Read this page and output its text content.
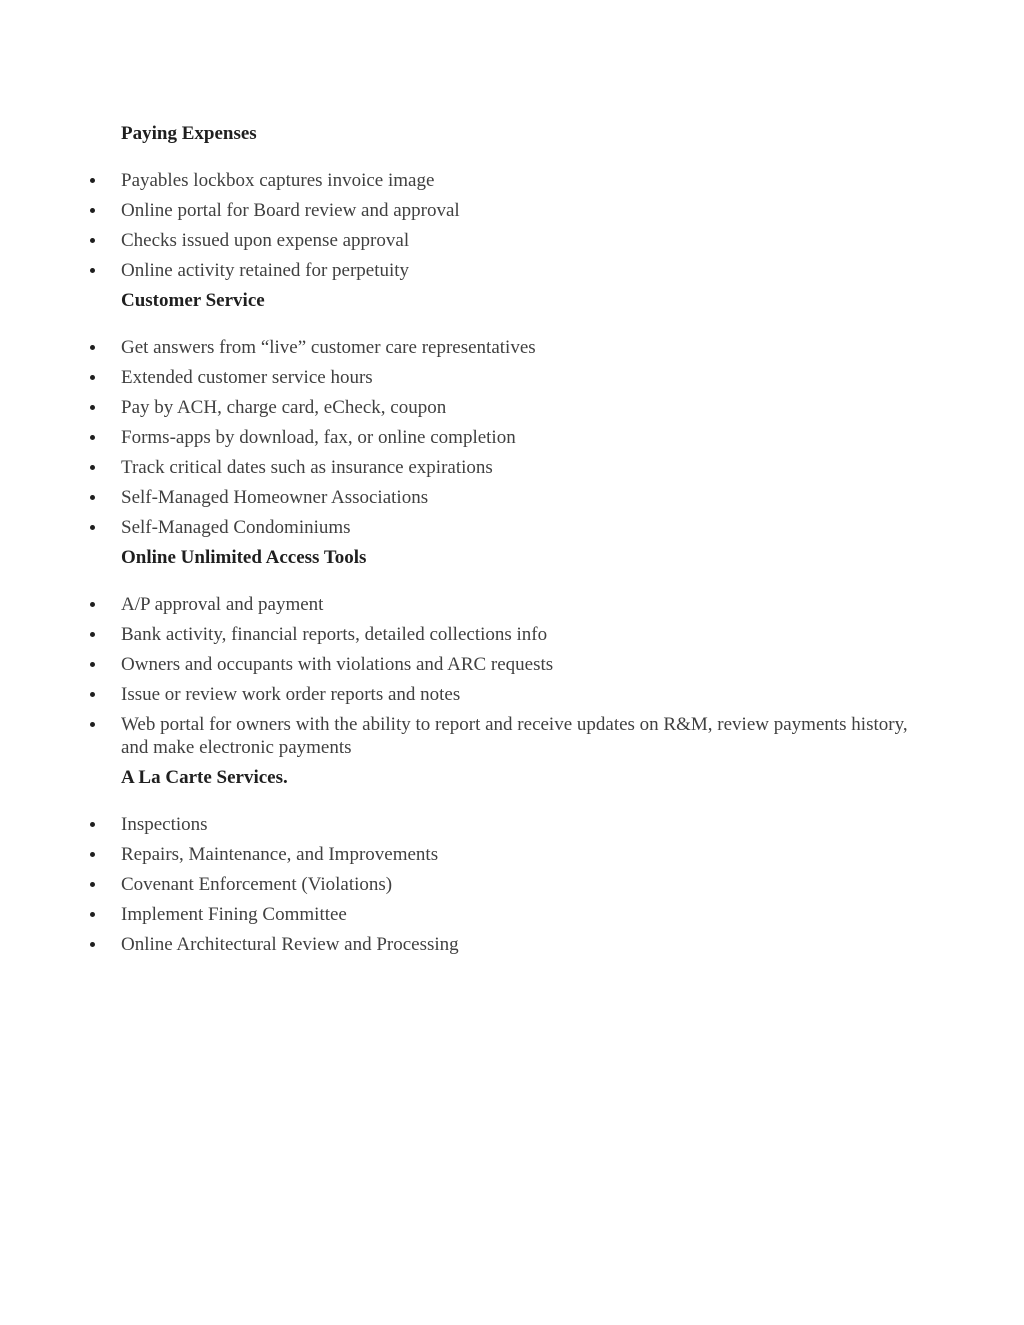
Paying Expenses
Payables lockbox captures invoice image
Online portal for Board review and approval
Checks issued upon expense approval
Online activity retained for perpetuity
Customer Service
Get answers from “live” customer care representatives
Extended customer service hours
Pay by ACH, charge card, eCheck, coupon
Forms-apps by download, fax, or online completion
Track critical dates such as insurance expirations
Self-Managed Homeowner Associations
Self-Managed Condominiums
Online Unlimited Access Tools
A/P approval and payment
Bank activity, financial reports, detailed collections info
Owners and occupants with violations and ARC requests
Issue or review work order reports and notes
Web portal for owners with the ability to report and receive updates on R&M, review payments history, and make electronic payments
A La Carte Services.
Inspections
Repairs, Maintenance, and Improvements
Covenant Enforcement (Violations)
Implement Fining Committee
Online Architectural Review and Processing
